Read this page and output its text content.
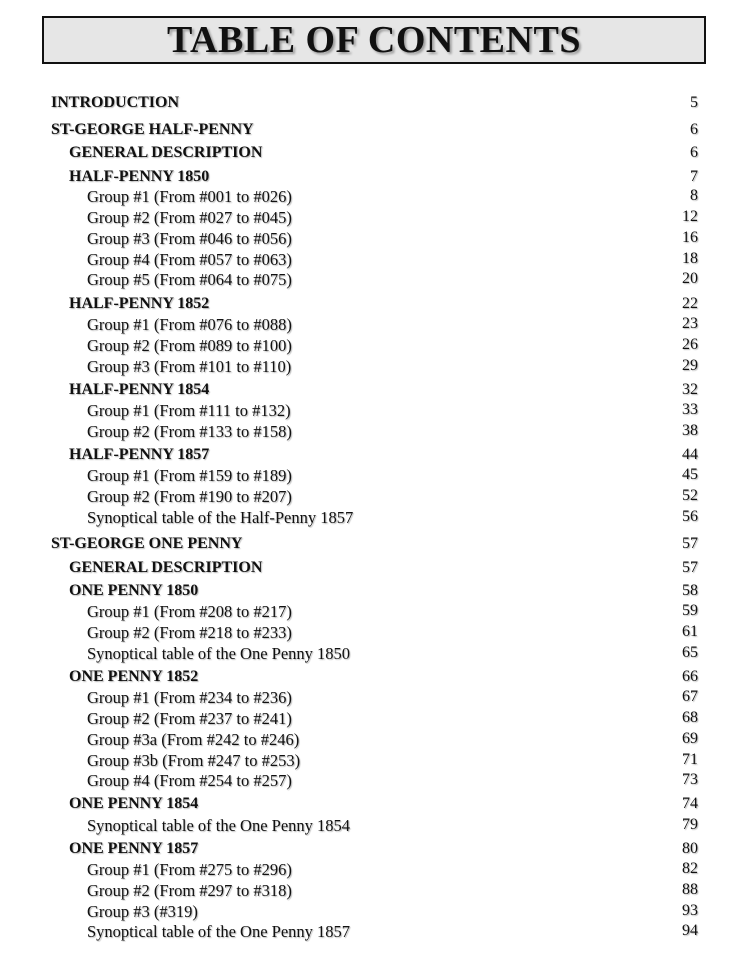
TABLE OF CONTENTS
INTRODUCTION	5
ST-GEORGE HALF-PENNY	6
GENERAL DESCRIPTION	6
HALF-PENNY 1850	7
Group #1 (From #001 to #026)	8
Group #2 (From #027 to #045)	12
Group #3 (From #046 to #056)	16
Group #4 (From #057 to #063)	18
Group #5 (From #064 to #075)	20
HALF-PENNY 1852	22
Group #1 (From #076 to #088)	23
Group #2 (From #089 to #100)	26
Group #3 (From #101 to #110)	29
HALF-PENNY 1854	32
Group #1 (From #111 to #132)	33
Group #2 (From #133 to #158)	38
HALF-PENNY 1857	44
Group #1 (From #159 to #189)	45
Group #2 (From #190 to #207)	52
Synoptical table of the Half-Penny 1857	56
ST-GEORGE ONE PENNY	57
GENERAL DESCRIPTION	57
ONE PENNY 1850	58
Group #1 (From #208 to #217)	59
Group #2 (From #218 to #233)	61
Synoptical table of the One Penny 1850	65
ONE PENNY 1852	66
Group #1 (From #234 to #236)	67
Group #2 (From #237 to #241)	68
Group #3a (From #242 to #246)	69
Group #3b (From #247 to #253)	71
Group #4 (From #254 to #257)	73
ONE PENNY 1854	74
Synoptical table of the One Penny 1854	79
ONE PENNY 1857	80
Group #1 (From #275 to #296)	82
Group #2 (From #297 to #318)	88
Group #3 (#319)	93
Synoptical table of the One Penny 1857	94
